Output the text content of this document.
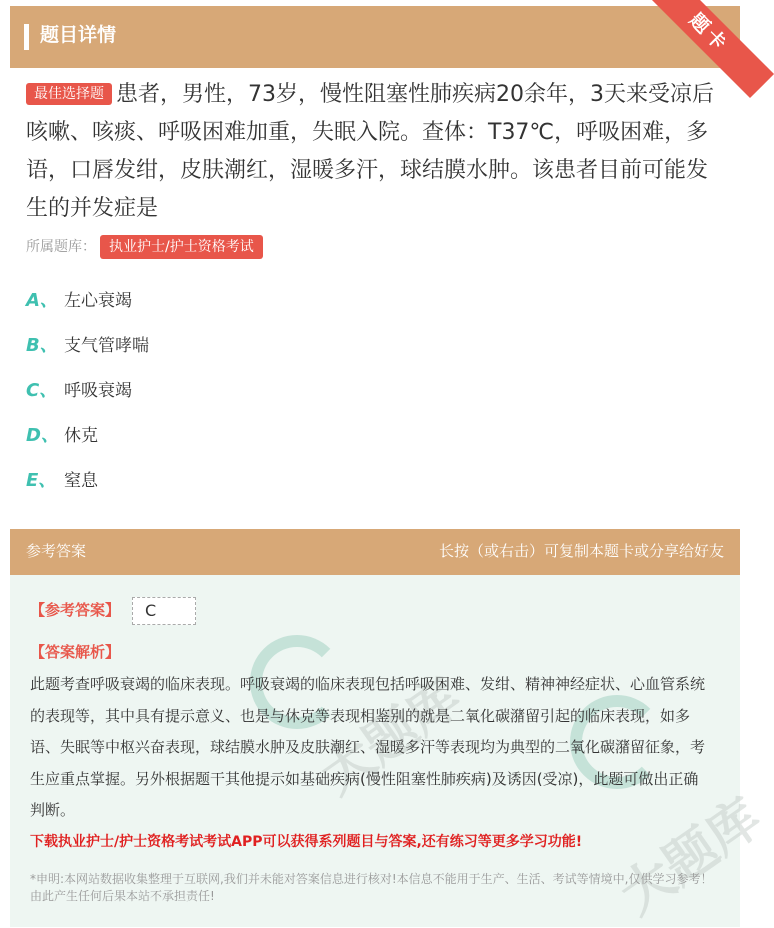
题目详情	题卡
最佳选择题 患者，男性，73岁，慢性阻塞性肺疾病20余年，3天来受凉后咳嗽、咳痰、呼吸困难加重，失眠入院。查体：T37℃，呼吸困难，多语，口唇发绀，皮肤潮红，湿暖多汗，球结膜水肿。该患者目前可能发生的并发症是
所属题库： 执业护士/护士资格考试
A、 左心衰竭
B、 支气管哮喘
C、 呼吸衰竭
D、 休克
E、 窒息
参考答案	长按（或右击）可复制本题卡或分享给好友
大题库
大题库
【参考答案】	C
【答案解析】
此题考查呼吸衰竭的临床表现。呼吸衰竭的临床表现包括呼吸困难、发绀、精神神经症状、心血管系统的表现等，其中具有提示意义、也是与休克等表现相鉴别的就是二氧化碳潴留引起的临床表现，如多语、失眠等中枢兴奋表现，球结膜水肿及皮肤潮红、湿暖多汗等表现均为典型的二氧化碳潴留征象，考生应重点掌握。另外根据题干其他提示如基础疾病(慢性阻塞性肺疾病)及诱因(受凉)，此题可做出正确判断。
下载执业护士/护士资格考试考试APP可以获得系列题目与答案,还有练习等更多学习功能!
*申明:本网站数据收集整理于互联网,我们并未能对答案信息进行核对!本信息不能用于生产、生活、考试等情境中,仅供学习参考！由此产生任何后果本站不承担责任!
